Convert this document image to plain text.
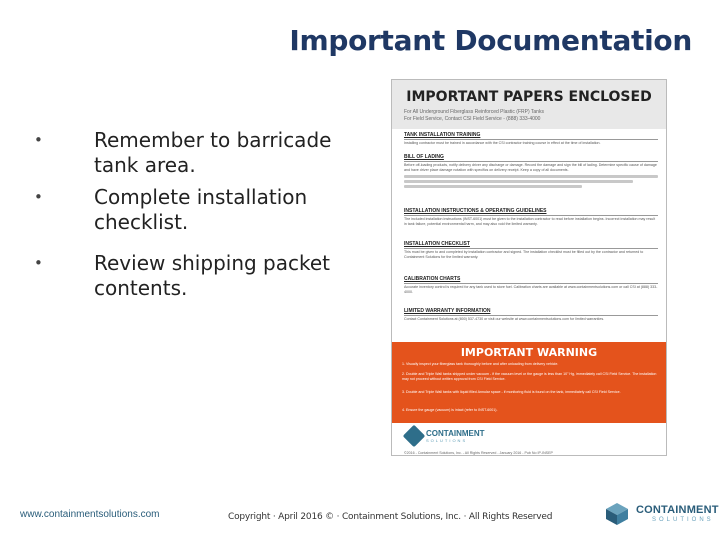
Important Documentation
•	Remember to barricade tank area.
•	Complete installation checklist.
•	Review shipping packet contents.
IMPORTANT PAPERS ENCLOSED
For All Underground Fiberglass Reinforced Plastic (FRP) Tanks
For Field Service, Contact CSI Field Service - (888) 333-4000
TANK INSTALLATION TRAINING
Installing contractor must be trained in accordance with the CSI contractor training course in effect at the time of installation.
BILL OF LADING
Before off-loading products, notify delivery driver any discharge or damage. Record the damage and sign the bill of lading. Determine specific cause of damage and have driver place damage notation with specifics on delivery receipt. Keep a copy of all documents.
INSTALLATION INSTRUCTIONS & OPERATING GUIDELINES
The included installation instructions (INST-6001) must be given to the installation contractor to read before installation begins. Incorrect installation may result in tank failure, potential environmental harm, and may also void the limited warranty.
INSTALLATION CHECKLIST
This must be given to and completed by installation contractor and signed. The installation checklist must be filled out by the contractor and returned to Containment Solutions for the limited warranty.
CALIBRATION CHARTS
Accurate inventory control is required for any tank used to store fuel. Calibration charts are available at www.containmentsolutions.com or call CSI at (888) 333-4000.
LIMITED WARRANTY INFORMATION
Contact Containment Solutions at (800) 537-4730 or visit our website at www.containmentsolutions.com for limited warranties.
IMPORTANT WARNING
1. Visually inspect your fiberglass tank thoroughly before and after unloading from delivery vehicle.
2. Double and Triple Wall tanks shipped under vacuum - if the vacuum level or the gauge is less than 10" Hg, immediately call CSI Field Service. The installation may not proceed without written approval from CSI Field Service.
3. Double and Triple Wall tanks with liquid filled Annular space - if monitoring fluid is found on the tank, immediately call CSI Field Service.
4. Ensure the gauge (vacuum) is intact (refer to INST-6001).
CONTAINMENT
SOLUTIONS
©2016 - Containment Solutions, Inc. - All Rights Reserved - January 2016 - Pub No IP-INSEP
www.containmentsolutions.com	Copyright · April 2016 © · Containment Solutions, Inc. · All Rights Reserved
CONTAINMENT
SOLUTIONS
